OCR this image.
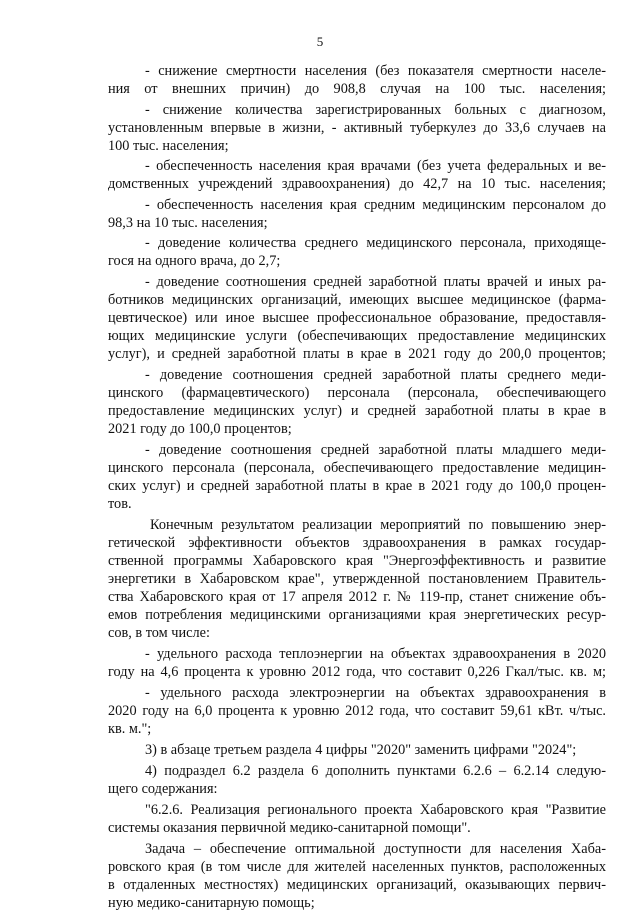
5
- снижение смертности населения (без показателя смертности населе-
ния от внешних причин) до 908,8 случая на 100 тыс. населения;
- снижение количества зарегистрированных больных с диагнозом,
установленным впервые в жизни, - активный туберкулез до 33,6 случаев на
100 тыс. населения;
- обеспеченность населения края врачами (без учета федеральных и ве-
домственных учреждений здравоохранения) до 42,7 на 10 тыс. населения;
- обеспеченность населения края средним медицинским персоналом до
98,3 на 10 тыс. населения;
- доведение количества среднего медицинского персонала, приходяще-
гося на одного врача, до 2,7;
- доведение соотношения средней заработной платы врачей и иных ра-
ботников медицинских организаций, имеющих высшее медицинское (фарма-
цевтическое) или иное высшее профессиональное образование, предоставля-
ющих медицинские услуги (обеспечивающих предоставление медицинских
услуг), и средней заработной платы в крае в 2021 году до 200,0 процентов;
- доведение соотношения средней заработной платы среднего меди-
цинского (фармацевтического) персонала (персонала, обеспечивающего
предоставление медицинских услуг) и средней заработной платы в крае в
2021 году до 100,0 процентов;
- доведение соотношения средней заработной платы младшего меди-
цинского персонала (персонала, обеспечивающего предоставление медицин-
ских услуг) и средней заработной платы в крае в 2021 году до 100,0 процен-
тов.
Конечным результатом реализации мероприятий по повышению энер-
гетической эффективности объектов здравоохранения в рамках госудаp-
ственной программы Хабаровского края "Энергоэффективность и развитие
энергетики в Хабаровском крае", утвержденной постановлением Правитель-
ства Хабаровского края от 17 апреля 2012 г. № 119-пр, станет снижение объ-
емов потребления медицинскими организациями края энергетических ресур-
сов, в том числе:
- удельного расхода теплоэнергии на объектах здравоохранения в 2020
году на 4,6 процента к уровню 2012 года, что составит 0,226 Гкал/тыс. кв. м;
- удельного расхода электроэнергии на объектах здравоохранения в
2020 году на 6,0 процента к уровню 2012 года, что составит 59,61 кВт. ч/тыс.
кв. м.";
3) в абзаце третьем раздела 4 цифры "2020" заменить цифрами "2024";
4) подраздел 6.2 раздела 6 дополнить пунктами 6.2.6 – 6.2.14 следую-
щего содержания:
"6.2.6. Реализация регионального проекта Хабаровского края "Развитие
системы оказания первичной медико-санитарной помощи".
Задача – обеспечение оптимальной доступности для населения Хаба-
ровского края (в том числе для жителей населенных пунктов, расположенных
в отдаленных местностях) медицинских организаций, оказывающих первич-
ную медико-санитарную помощь;
